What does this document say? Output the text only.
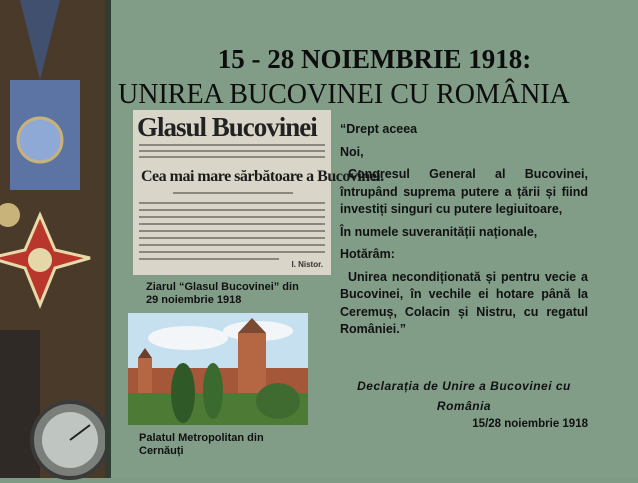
15 - 28 NOIEMBRIE 1918:
UNIREA BUCOVINEI CU ROMÂNIA
Glasul Bucovinei
Cea mai mare sărbătoare a Bucovinei.
I. Nistor.
Ziarul “Glasul Bucovinei” din
29 noiembrie 1918
Palatul Metropolitan din
Cernăuți

“Drept aceea

Noi,

Congresul General al Bucovinei, întrupând suprema putere a țării și fiind investiți singuri cu putere legiuitoare,

În numele suveranității naționale,

Hotărâm:

Unirea necondiționată și pentru vecie a Bucovinei, în vechile ei hotare până la Ceremuș, Colacin și Nistru, cu regatul României.”

Declarația de Unire a Bucovinei cu România
15/28 noiembrie 1918
